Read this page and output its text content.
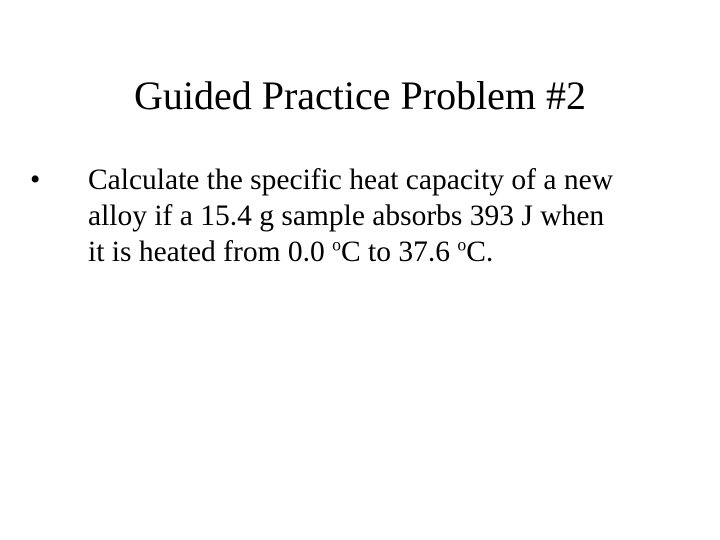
Guided Practice Problem #2
•	Calculate the specific heat capacity of a new
alloy if a 15.4 g sample absorbs 393 J when
it is heated from 0.0 $^o$C to 37.6 $^o$C.
